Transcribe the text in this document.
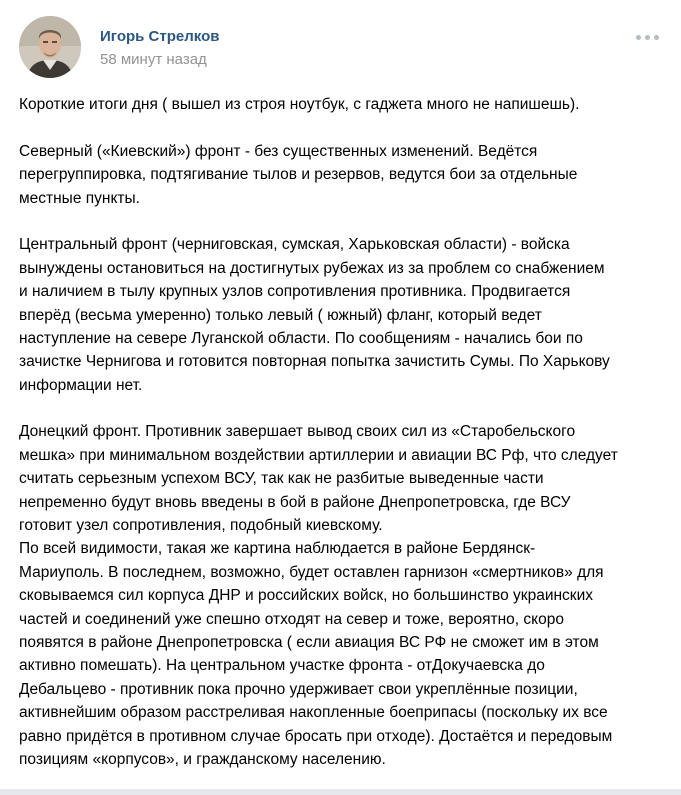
Игорь Стрелков
58 минут назад
Короткие итоги дня ( вышел из строя ноутбук, с гаджета много не напишешь).
Северный («Киевский») фронт - без существенных изменений. Ведётся
перегруппировка, подтягивание тылов и резервов, ведутся бои за отдельные
местные пункты.
Центральный фронт (черниговская, сумская, Харьковская области) - войска
вынуждены остановиться на достигнутых рубежах из за проблем со снабжением
и наличием в тылу крупных узлов сопротивления противника. Продвигается
вперёд (весьма умеренно) только левый ( южный) фланг, который ведет
наступление на севере Луганской области. По сообщениям - начались бои по
зачистке Чернигова и готовится повторная попытка зачистить Сумы. По Харькову
информации нет.
Донецкий фронт. Противник завершает вывод своих сил из «Старобельского
мешка» при минимальном воздействии артиллерии и авиации ВС Рф, что следует
считать серьезным успехом ВСУ, так как не разбитые выведенные части
непременно будут вновь введены в бой в районе Днепропетровска, где ВСУ
готовит узел сопротивления, подобный киевскому.
По всей видимости, такая же картина наблюдается в районе Бердянск-
Мариуполь. В последнем, возможно, будет оставлен гарнизон «смертников» для
сковываемся сил корпуса ДНР и российских войск, но большинство украинских
частей и соединений уже спешно отходят на север и тоже, вероятно, скоро
появятся в районе Днепропетровска ( если авиация ВС РФ не сможет им в этом
активно помешать). На центральном участке фронта - отДокучаевска до
Дебальцево - противник пока прочно удерживает свои укреплённые позиции,
активнейшим образом расстреливая накопленные боеприпасы (поскольку их все
равно придётся в противном случае бросать при отходе). Достаётся и передовым
позициям «корпусов», и гражданскому населению.
